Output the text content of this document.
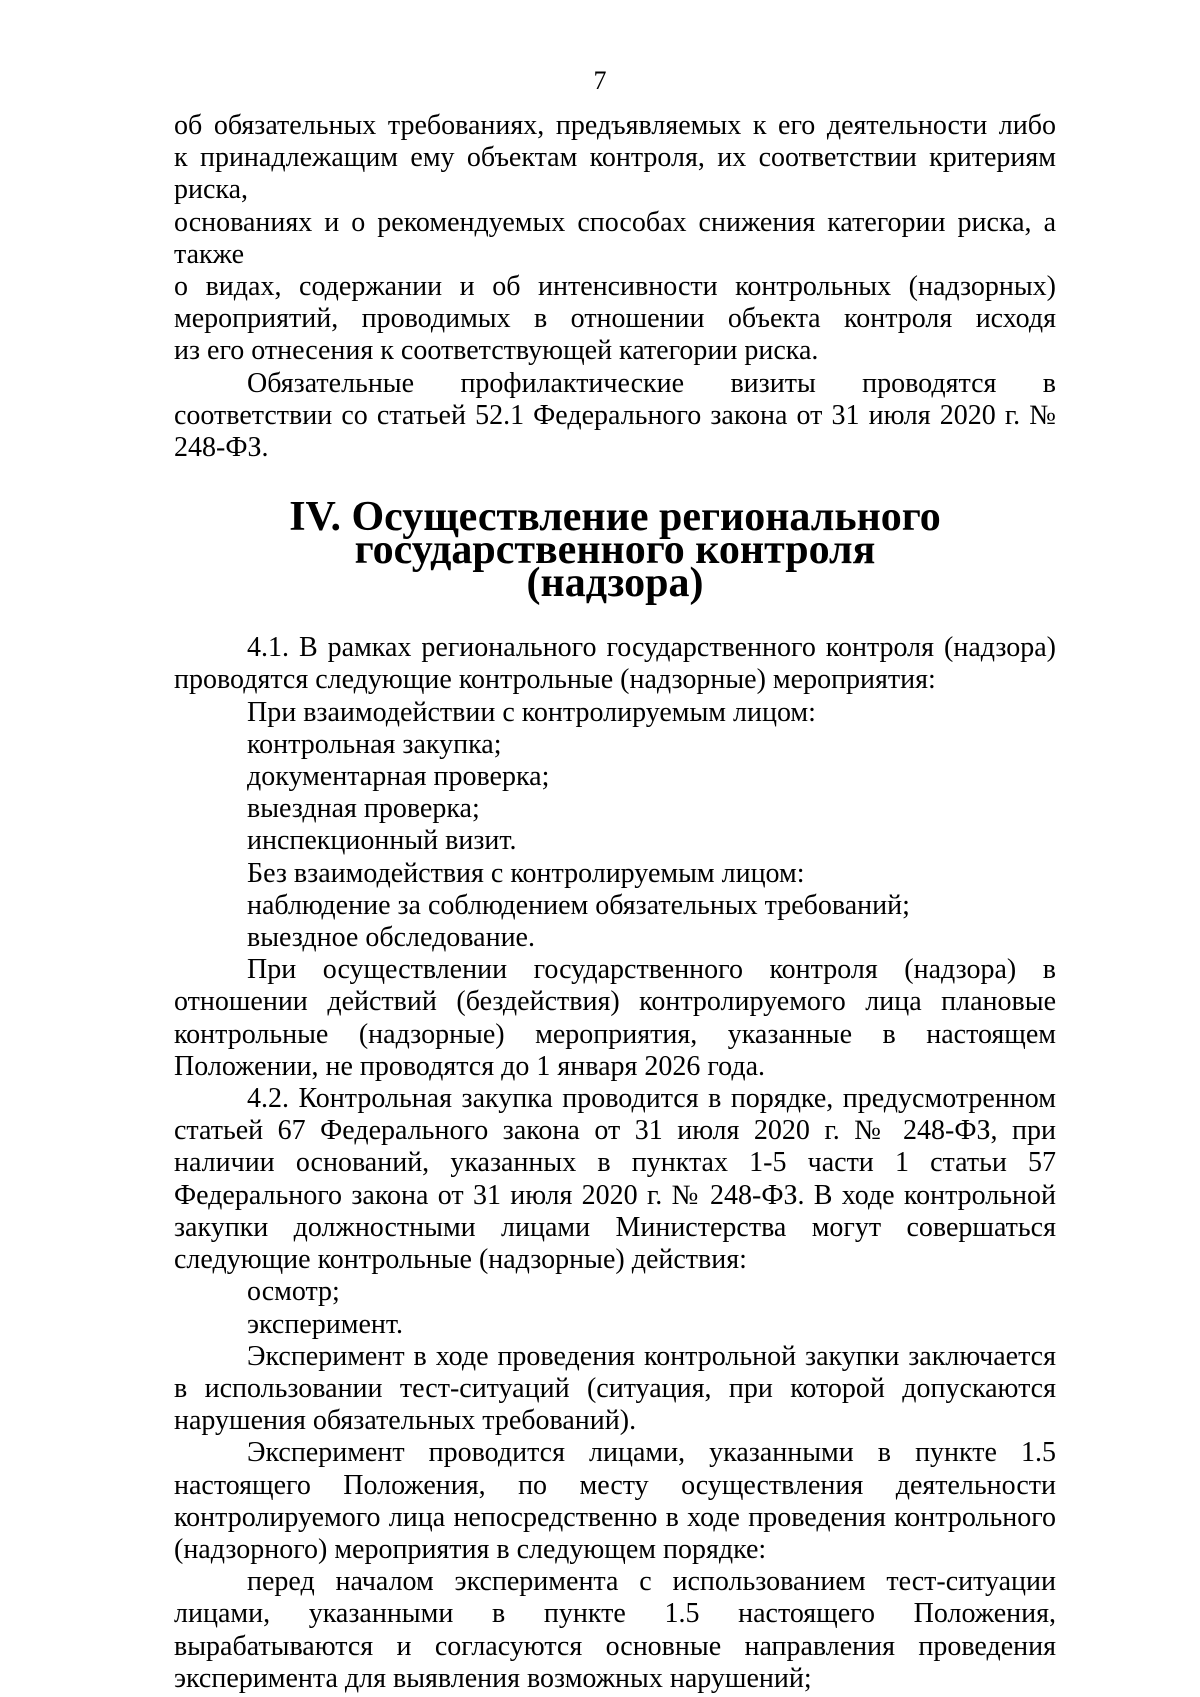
7

об обязательных требованиях, предъявляемых к его деятельности либо

к принадлежащим ему объектам контроля, их соответствии критериям риска,

основаниях и о рекомендуемых способах снижения категории риска, а также

о видах, содержании и об интенсивности контрольных (надзорных)

мероприятий, проводимых в отношении объекта контроля исходя

из его отнесения к соответствующей категории риска.

Обязательные профилактические визиты проводятся в соответствии со статьей 52.1 Федерального закона от 31 июля 2020 г. № 248-ФЗ.

IV. Осуществление регионального государственного контроля
(надзора)

4.1. В рамках регионального государственного контроля (надзора) проводятся следующие контрольные (надзорные) мероприятия:

При взаимодействии с контролируемым лицом:

контрольная закупка;

документарная проверка;

выездная проверка;

инспекционный визит.

Без взаимодействия с контролируемым лицом:

наблюдение за соблюдением обязательных требований;

выездное обследование.

При осуществлении государственного контроля (надзора) в отношении действий (бездействия) контролируемого лица плановые контрольные (надзорные) мероприятия, указанные в настоящем Положении, не проводятся до 1 января 2026 года.

4.2. Контрольная закупка проводится в порядке, предусмотренном статьей 67 Федерального закона от 31 июля 2020 г. № 248-ФЗ, при наличии оснований, указанных в пунктах 1-5 части 1 статьи 57 Федерального закона от 31 июля 2020 г. № 248-ФЗ. В ходе контрольной закупки должностными лицами Министерства могут совершаться следующие контрольные (надзорные) действия:

осмотр;

эксперимент.

Эксперимент в ходе проведения контрольной закупки заключается в использовании тест-ситуаций (ситуация, при которой допускаются нарушения обязательных требований).

Эксперимент проводится лицами, указанными в пункте 1.5 настоящего Положения, по месту осуществления деятельности контролируемого лица непосредственно в ходе проведения контрольного (надзорного) мероприятия в следующем порядке:

перед началом эксперимента с использованием тест-ситуации лицами, указанными в пункте 1.5 настоящего Положения, вырабатываются и согласуются основные направления проведения эксперимента для выявления возможных нарушений;
